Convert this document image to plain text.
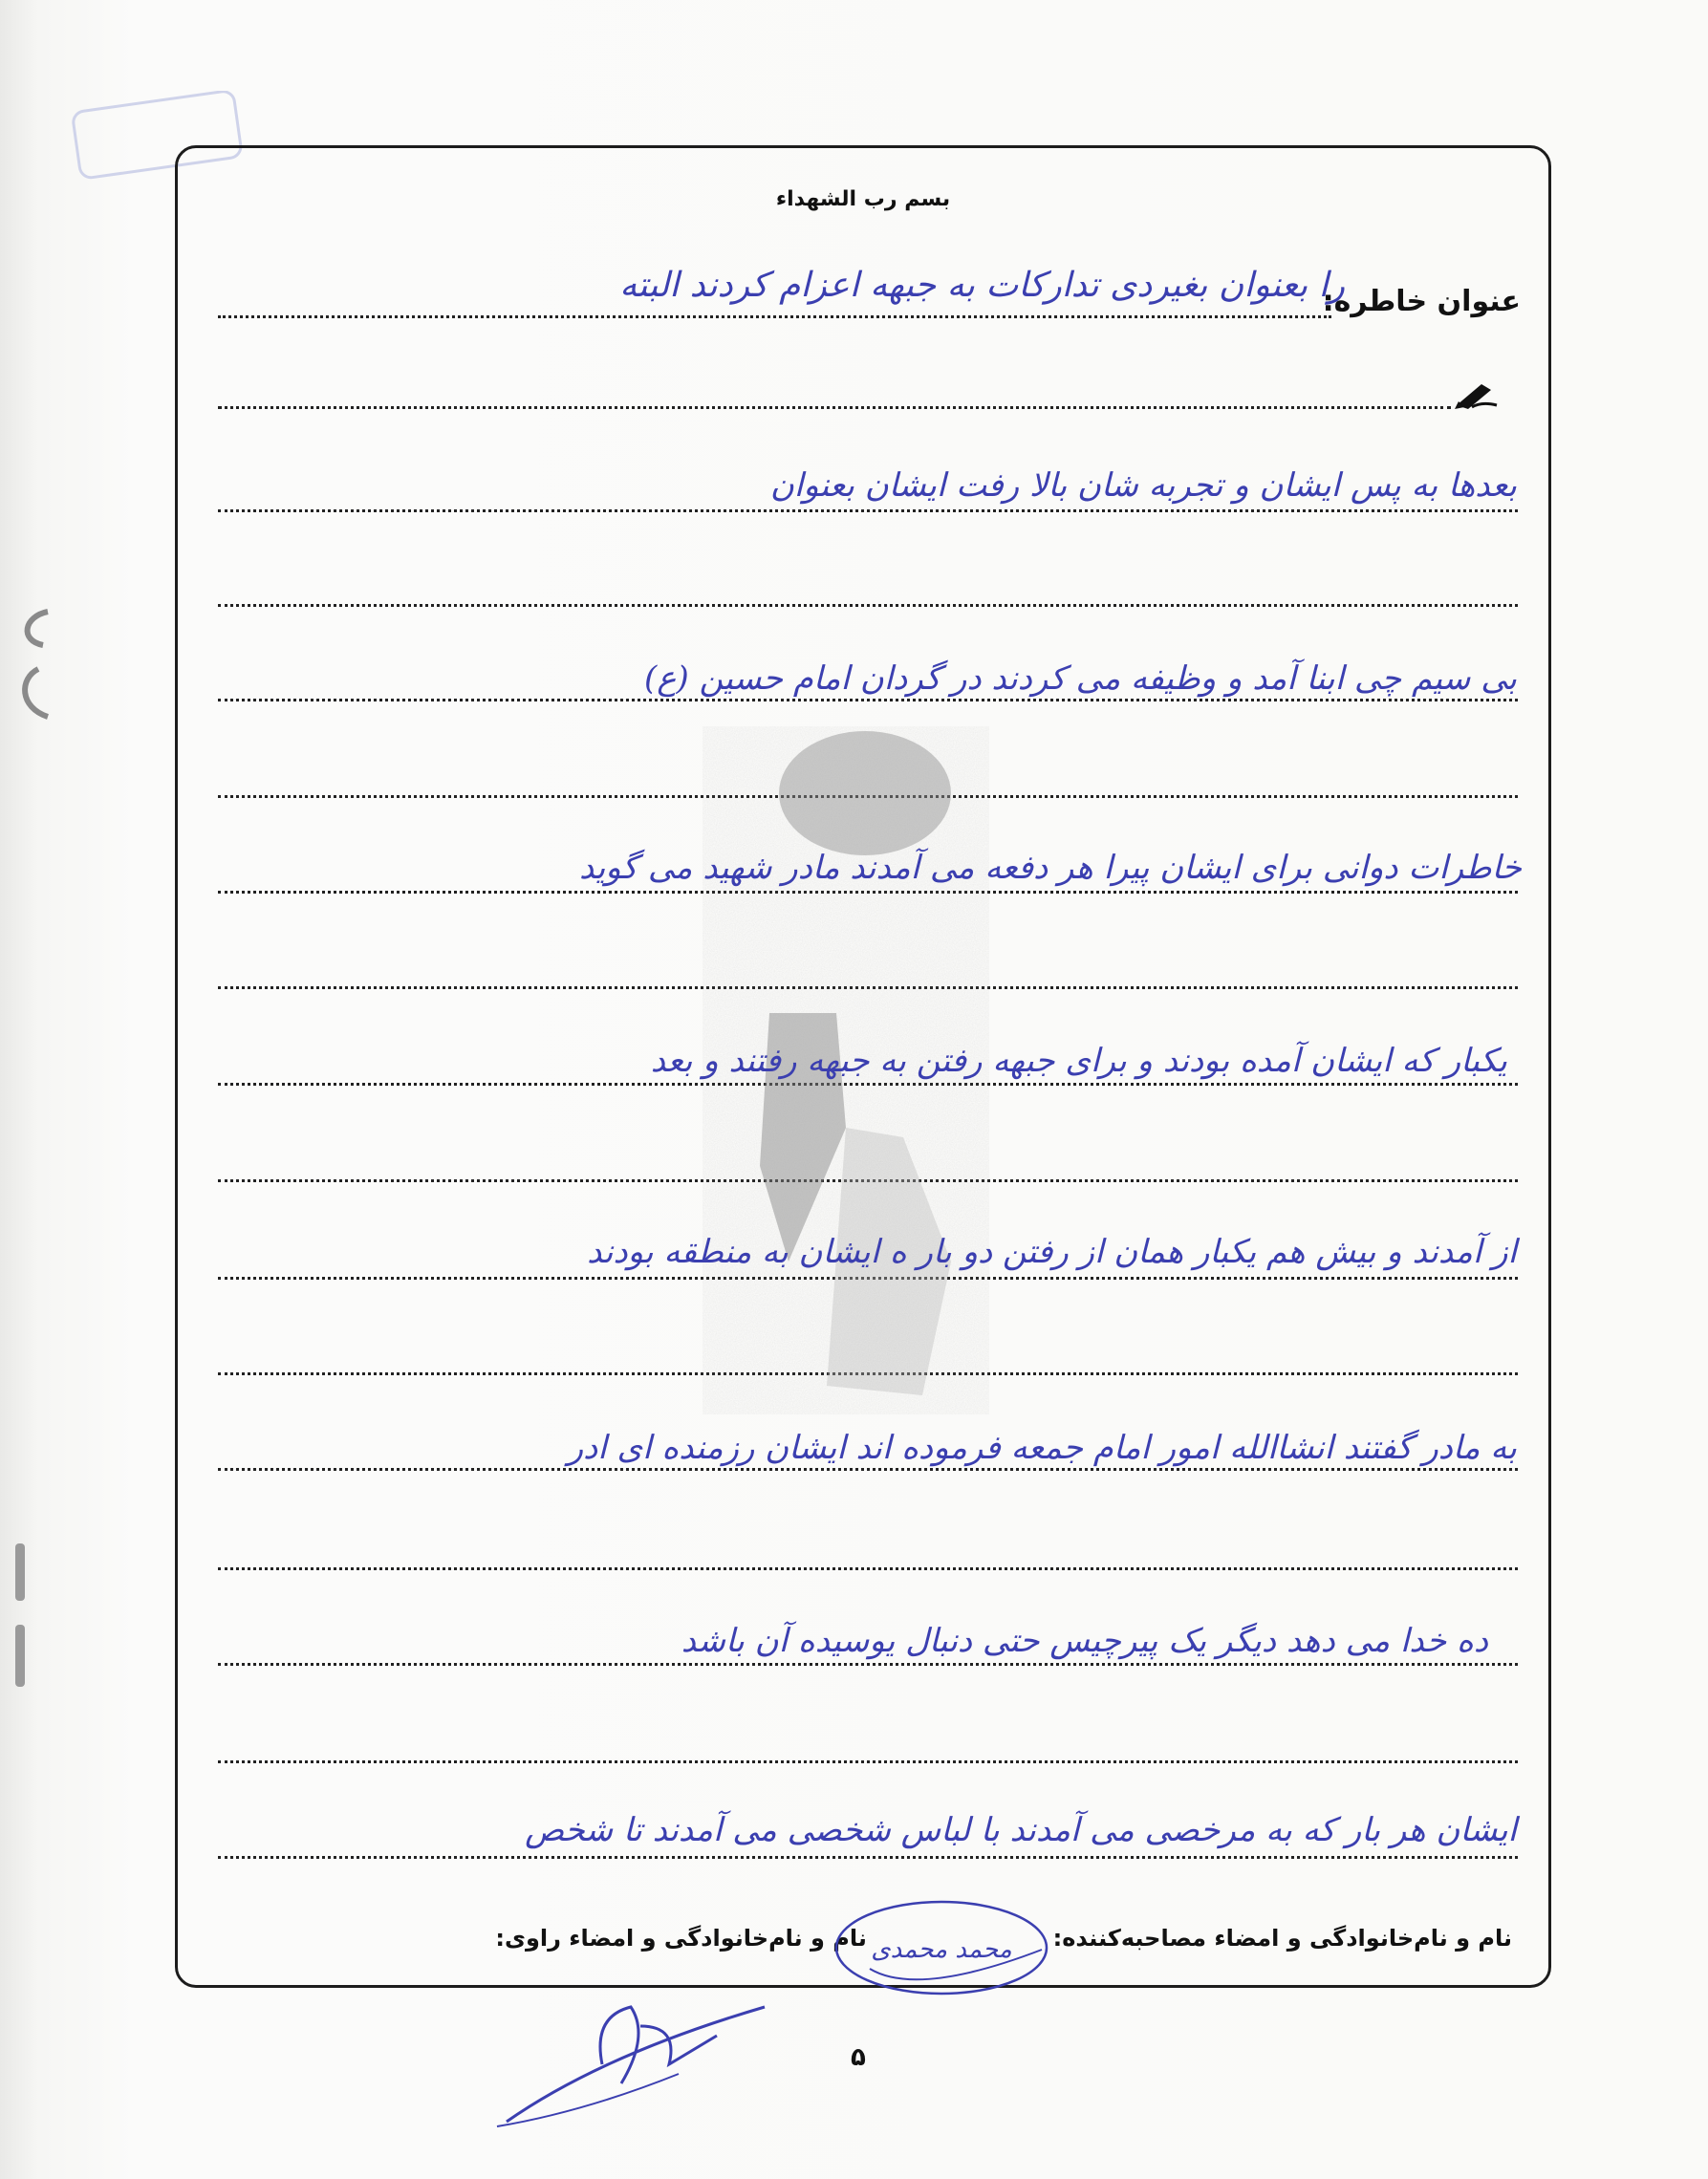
بسم رب الشهداء
عنوان خاطره:
را بعنوان بغیردی تدارکات به جبهه اعزام کردند البته
بعدها به پس ایشان و تجربه شان بالا رفت ایشان بعنوان
بی سیم چی ابنا آمد و وظیفه می کردند در گردان امام حسین (ع)
خاطرات دوانی برای ایشان پیرا هر دفعه می آمدند مادر شهید می گوید
یکبار که ایشان آمده بودند و برای جبهه رفتن به جبهه رفتند و بعد
از آمدند و بیش هم یکبار همان از رفتن دو بار ه ایشان به منطقه بودند
به مادر گفتند انشاالله امور امام جمعه فرموده اند ایشان رزمنده ای ادر
ده خدا می دهد دیگر یک پیرچیس حتی دنبال یوسیده آن باشد
ایشان هر بار که به مرخصی می آمدند با لباس شخصی می آمدند تا شخص
نام و نام‌خانوادگی و امضاء مصاحبه‌کننده:  نام و نام‌خانوادگی و امضاء راوی: محمد محمدی
۵
